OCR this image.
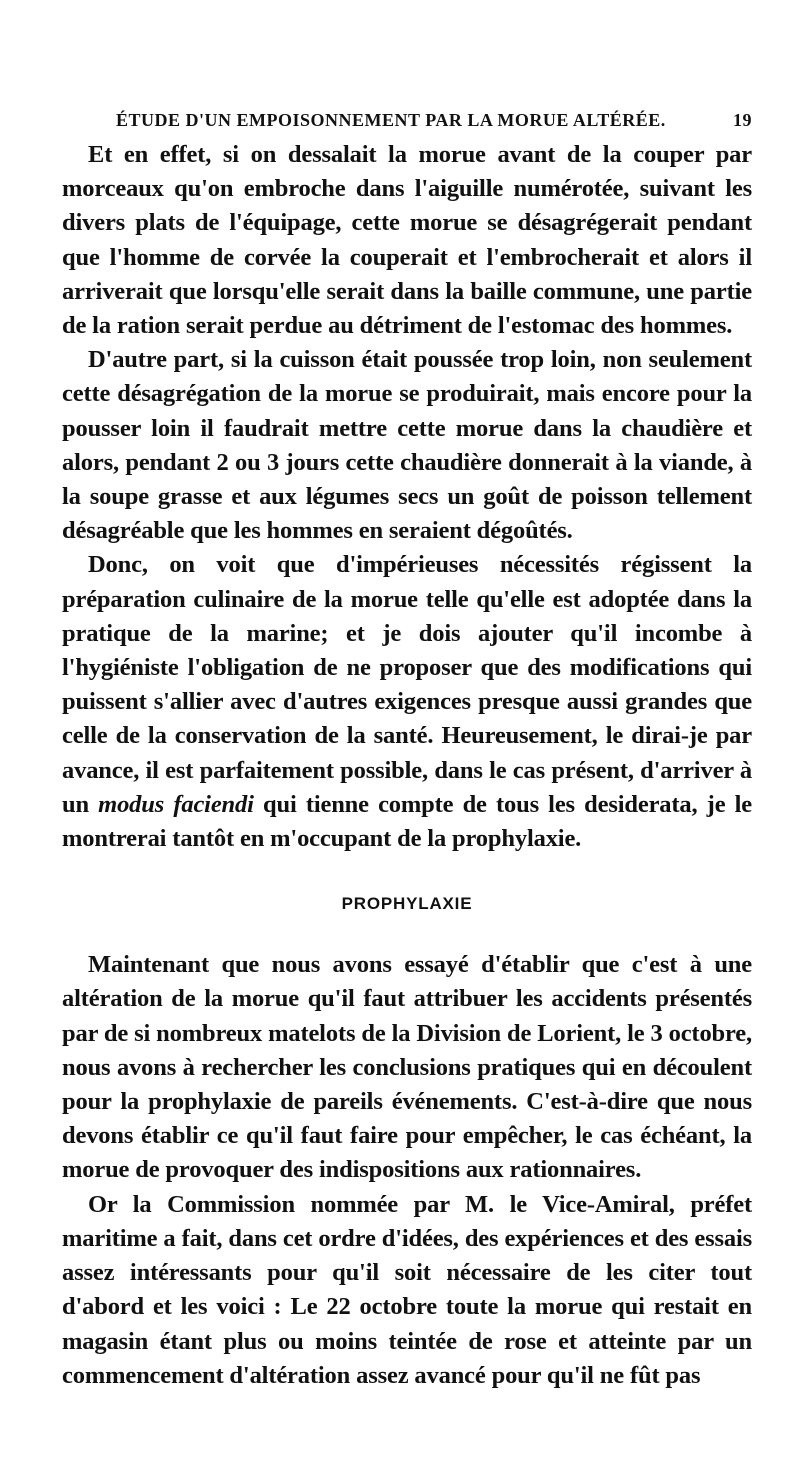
ÉTUDE D'UN EMPOISONNEMENT PAR LA MORUE ALTÉRÉE.	19

Et en effet, si on dessalait la morue avant de la couper par morceaux qu'on embroche dans l'aiguille numérotée, suivant les divers plats de l'équipage, cette morue se désagrégerait pendant que l'homme de corvée la couperait et l'embrocherait et alors il arriverait que lorsqu'elle serait dans la baille commune, une partie de la ration serait perdue au détriment de l'estomac des hommes.

D'autre part, si la cuisson était poussée trop loin, non seulement cette désagrégation de la morue se produirait, mais encore pour la pousser loin il faudrait mettre cette morue dans la chaudière et alors, pendant 2 ou 3 jours cette chaudière donnerait à la viande, à la soupe grasse et aux légumes secs un goût de poisson tellement désagréable que les hommes en seraient dégoûtés.

Donc, on voit que d'impérieuses nécessités régissent la préparation culinaire de la morue telle qu'elle est adoptée dans la pratique de la marine; et je dois ajouter qu'il incombe à l'hygiéniste l'obligation de ne proposer que des modifications qui puissent s'allier avec d'autres exigences presque aussi grandes que celle de la conservation de la santé. Heureusement, le dirai-je par avance, il est parfaitement possible, dans le cas présent, d'arriver à un modus faciendi qui tienne compte de tous les desiderata, je le montrerai tantôt en m'occupant de la prophylaxie.

PROPHYLAXIE

Maintenant que nous avons essayé d'établir que c'est à une altération de la morue qu'il faut attribuer les accidents présentés par de si nombreux matelots de la Division de Lorient, le 3 octobre, nous avons à rechercher les conclusions pratiques qui en découlent pour la prophylaxie de pareils événements. C'est-à-dire que nous devons établir ce qu'il faut faire pour empêcher, le cas échéant, la morue de provoquer des indispositions aux rationnaires.

Or la Commission nommée par M. le Vice-Amiral, préfet maritime a fait, dans cet ordre d'idées, des expériences et des essais assez intéressants pour qu'il soit nécessaire de les citer tout d'abord et les voici : Le 22 octobre toute la morue qui restait en magasin étant plus ou moins teintée de rose et atteinte par un commencement d'altération assez avancé pour qu'il ne fût pas
